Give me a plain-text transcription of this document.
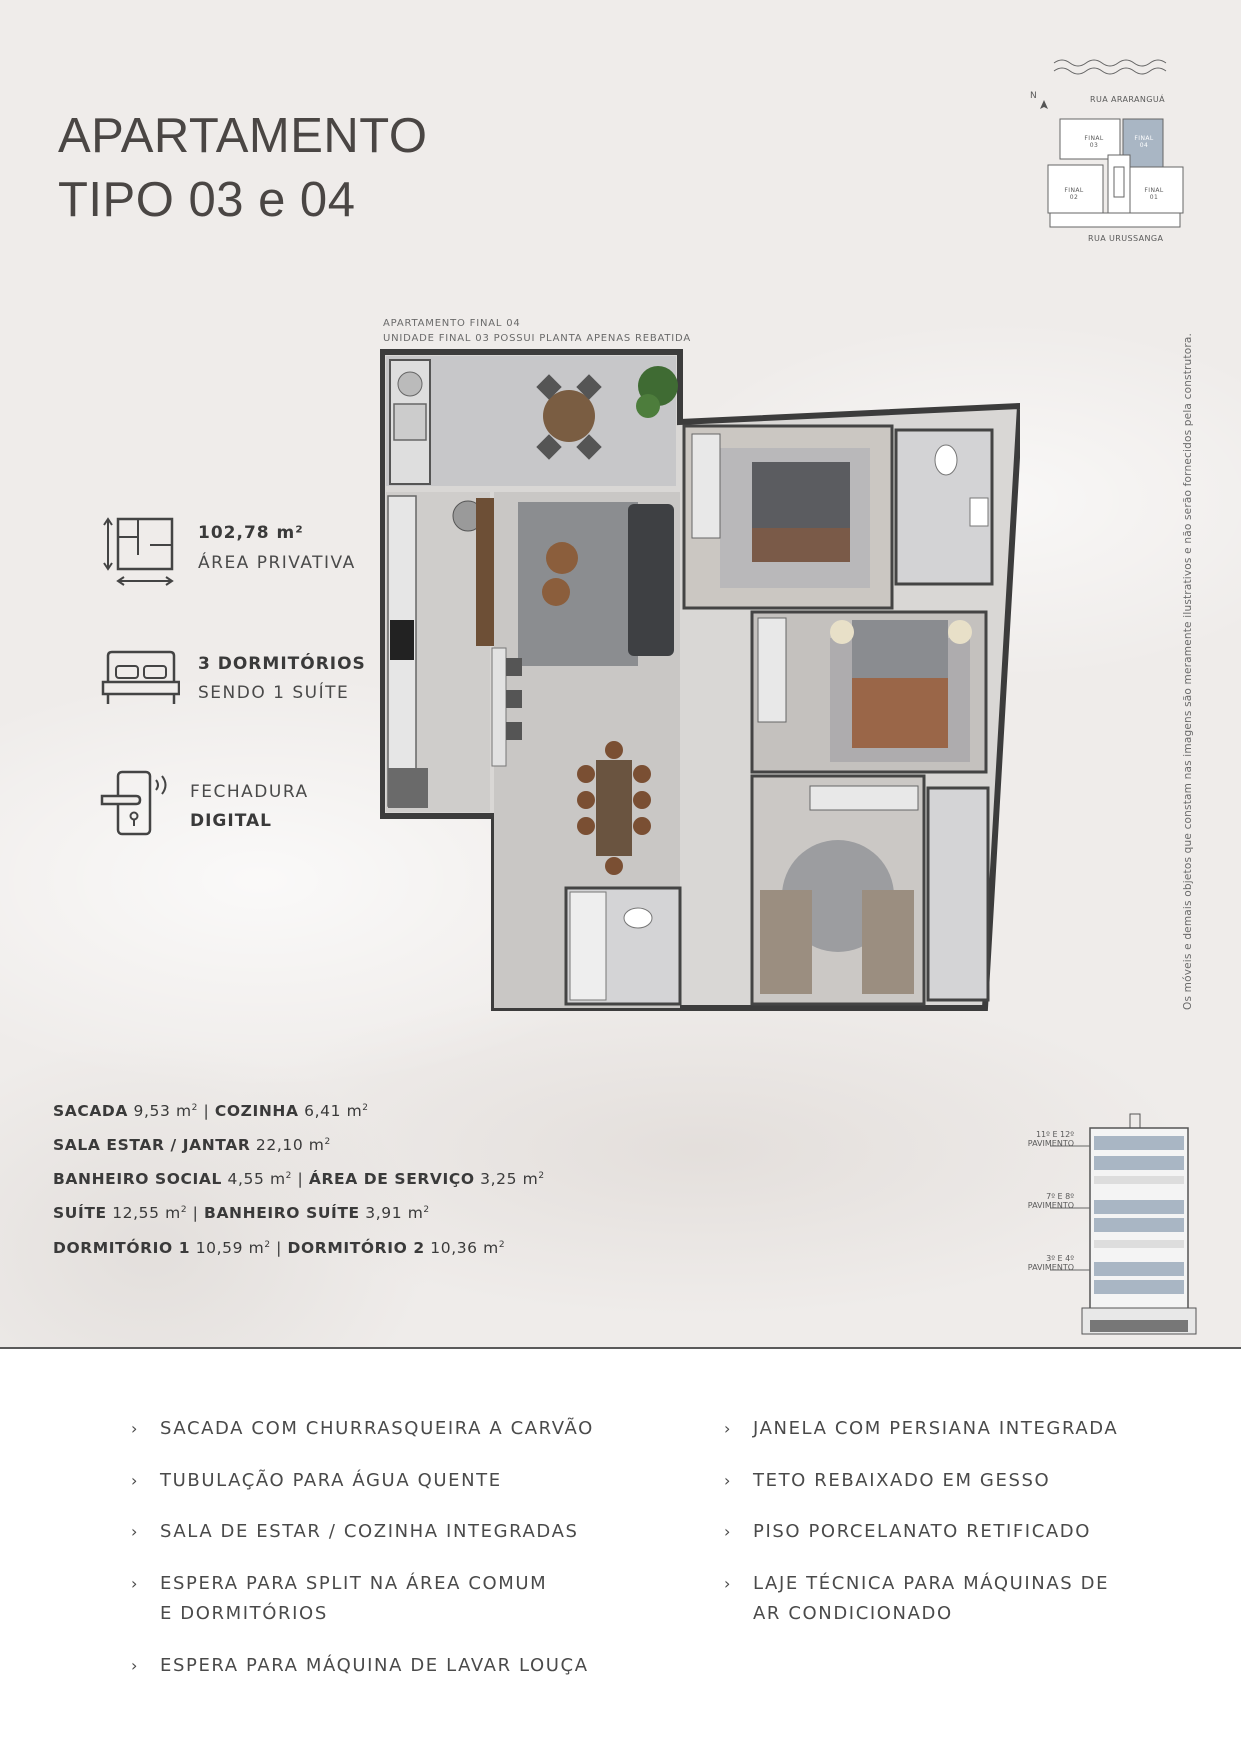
APARTAMENTO
TIPO 03 e 04
N	RUA ARARANGUÁ
FINAL 03
FINAL 04
FINAL 02
FINAL 01
RUA URUSSANGA
102,78 m²
ÁREA PRIVATIVA
3 DORMITÓRIOS
SENDO 1 SUÍTE
FECHADURA
DIGITAL
APARTAMENTO FINAL 04
UNIDADE FINAL 03 POSSUI PLANTA APENAS REBATIDA	Os móveis e demais objetos que constam nas imagens são meramente ilustrativos e não serão fornecidos pela construtora.
SACADA 9,53 $m^2$ | COZINHA 6,41 $m^2$
SALA ESTAR / JANTAR 22,10 $m^2$
BANHEIRO SOCIAL 4,55 $m^2$ | ÁREA DE SERVIÇO 3,25 $m^2$
SUÍTE 12,55 $m^2$ | BANHEIRO SUÍTE 3,91 $m^2$
DORMITÓRIO 1 10,59 $m^2$ | DORMITÓRIO 2 10,36 $m^2$
11º E 12º
PAVIMENTO
7º E 8º
PAVIMENTO
3º E 4º
PAVIMENTO
› SACADA COM CHURRASQUEIRA A CARVÃO
› TUBULAÇÃO PARA ÁGUA QUENTE
› SALA DE ESTAR / COZINHA INTEGRADAS
› ESPERA PARA SPLIT NA ÁREA COMUM
E DORMITÓRIOS
› ESPERA PARA MÁQUINA DE LAVAR LOUÇA
› JANELA COM PERSIANA INTEGRADA
› TETO REBAIXADO EM GESSO
› PISO PORCELANATO RETIFICADO
› LAJE TÉCNICA PARA MÁQUINAS DE
AR CONDICIONADO
